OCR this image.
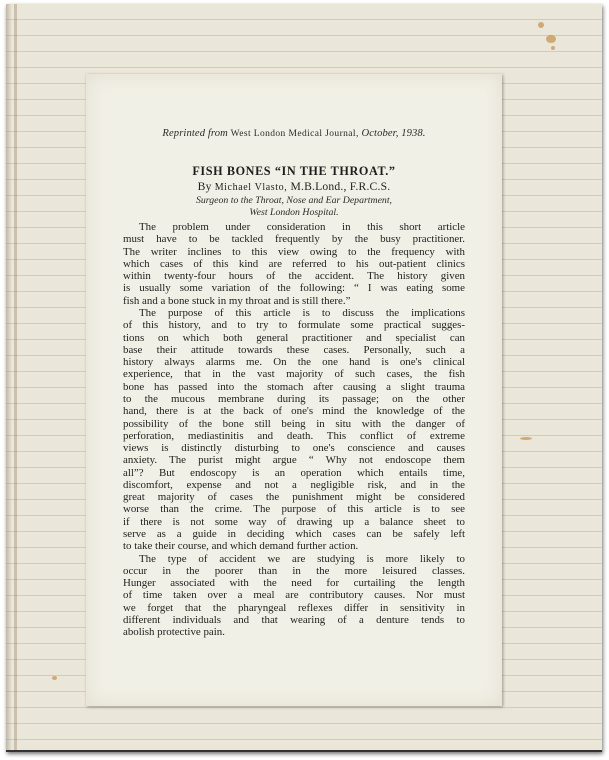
Reprinted from West London Medical Journal, October, 1938.
FISH BONES “IN THE THROAT.”
By Michael Vlasto, M.B.Lond., F.R.C.S.
Surgeon to the Throat, Nose and Ear Department,
West London Hospital.
The problem under consideration in this short article
must have to be tackled frequently by the busy practitioner.
The writer inclines to this view owing to the frequency with
which cases of this kind are referred to his out-patient clinics
within twenty-four hours of the accident. The history given
is usually some variation of the following: “ I was eating some
fish and a bone stuck in my throat and is still there.”
The purpose of this article is to discuss the implications
of this history, and to try to formulate some practical sugges-
tions on which both general practitioner and specialist can
base their attitude towards these cases. Personally, such a
history always alarms me. On the one hand is one's clinical
experience, that in the vast majority of such cases, the fish
bone has passed into the stomach after causing a slight trauma
to the mucous membrane during its passage; on the other
hand, there is at the back of one's mind the knowledge of the
possibility of the bone still being in situ with the danger of
perforation, mediastinitis and death. This conflict of extreme
views is distinctly disturbing to one's conscience and causes
anxiety. The purist might argue “ Why not endoscope them
all”? But endoscopy is an operation which entails time,
discomfort, expense and not a negligible risk, and in the
great majority of cases the punishment might be considered
worse than the crime. The purpose of this article is to see
if there is not some way of drawing up a balance sheet to
serve as a guide in deciding which cases can be safely left
to take their course, and which demand further action.
The type of accident we are studying is more likely to
occur in the poorer than in the more leisured classes.
Hunger associated with the need for curtailing the length
of time taken over a meal are contributory causes. Nor must
we forget that the pharyngeal reflexes differ in sensitivity in
different individuals and that wearing of a denture tends to
abolish protective pain.
